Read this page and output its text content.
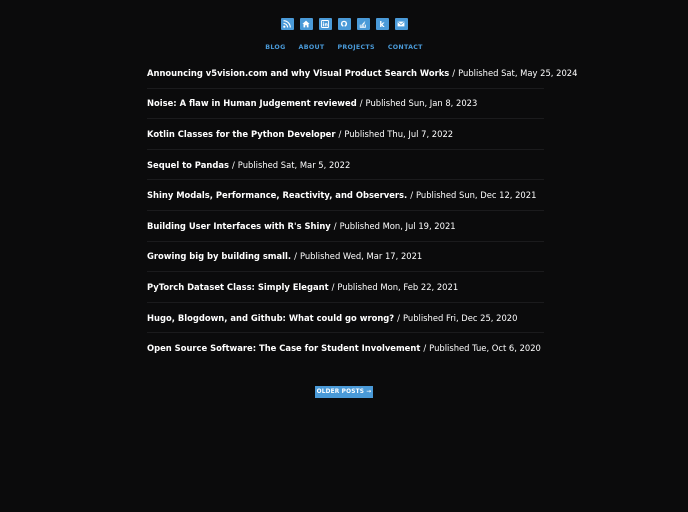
k
BLOG ABOUT PROJECTS CONTACT
Announcing v5vision.com and why Visual Product Search Works / Published Sat, May 25, 2024
Noise: A flaw in Human Judgement reviewed / Published Sun, Jan 8, 2023
Kotlin Classes for the Python Developer / Published Thu, Jul 7, 2022
Sequel to Pandas / Published Sat, Mar 5, 2022
Shiny Modals, Performance, Reactivity, and Observers. / Published Sun, Dec 12, 2021
Building User Interfaces with R's Shiny / Published Mon, Jul 19, 2021
Growing big by building small. / Published Wed, Mar 17, 2021
PyTorch Dataset Class: Simply Elegant / Published Mon, Feb 22, 2021
Hugo, Blogdown, and Github: What could go wrong? / Published Fri, Dec 25, 2020
Open Source Software: The Case for Student Involvement / Published Tue, Oct 6, 2020
OLDER POSTS →
